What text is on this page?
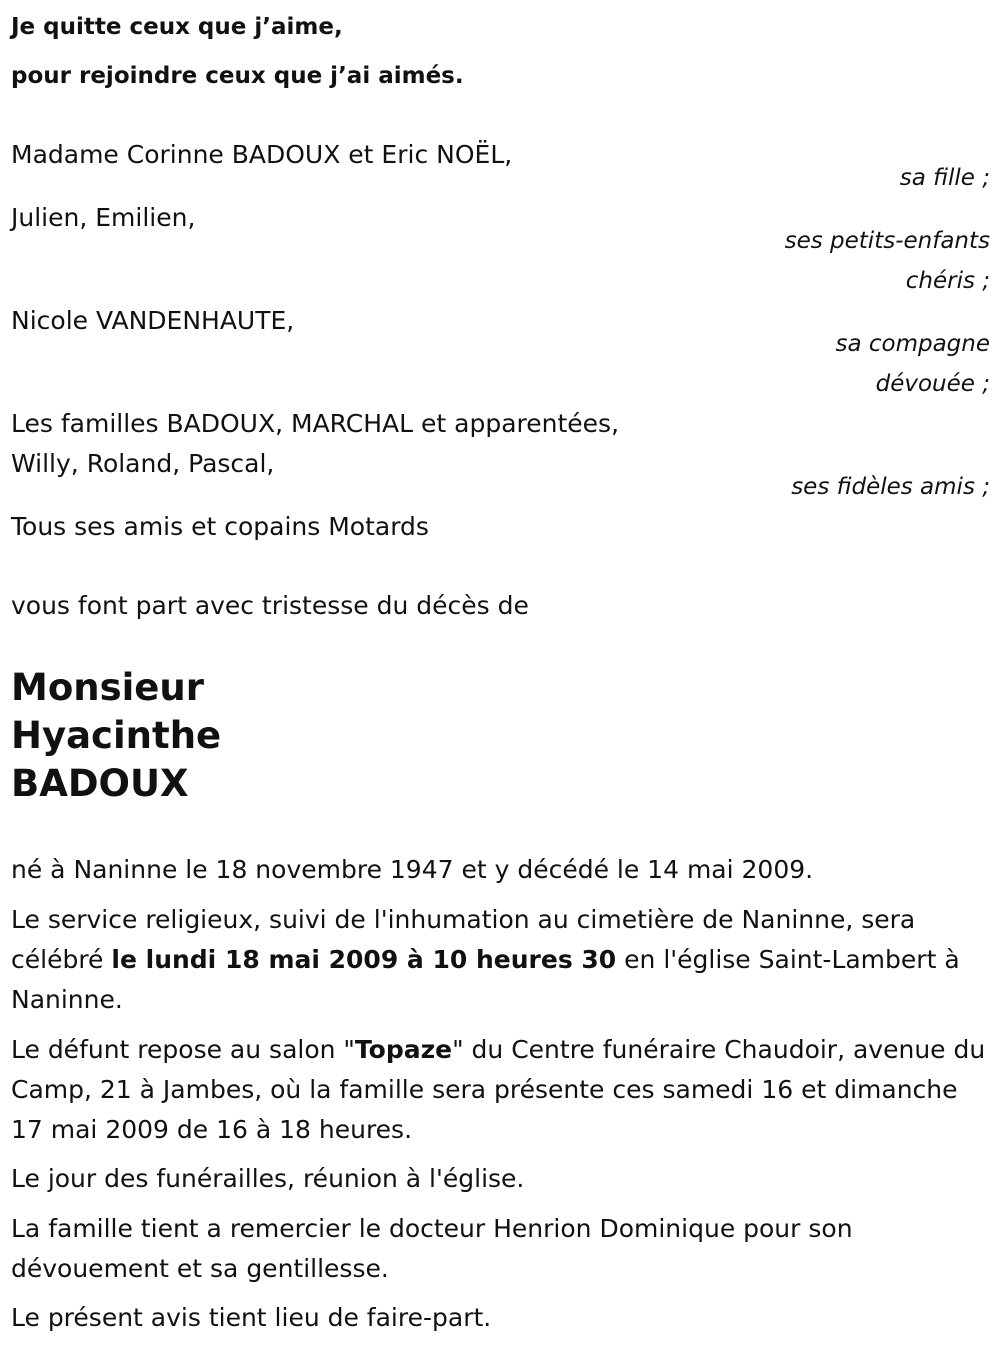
Je quitte ceux que j’aime,
pour rejoindre ceux que j’ai aimés.
Madame Corinne BADOUX et Eric NOËL,
sa fille ;
Julien, Emilien,
ses petits-enfants
chéris ;
Nicole VANDENHAUTE,
sa compagne
dévouée ;
Les familles BADOUX, MARCHAL et apparentées,
Willy, Roland, Pascal,
ses fidèles amis ;
Tous ses amis et copains Motards
vous font part avec tristesse du décès de
Monsieur
Hyacinthe
BADOUX
né à Naninne le 18 novembre 1947 et y décédé le 14 mai 2009.
Le service religieux, suivi de l'inhumation au cimetière de Naninne, sera célébré le lundi 18 mai 2009 à 10 heures 30 en l'église Saint-Lambert à Naninne.
Le défunt repose au salon "Topaze" du Centre funéraire Chaudoir, avenue du Camp, 21 à Jambes, où la famille sera présente ces samedi 16 et dimanche 17 mai 2009 de 16 à 18 heures.
Le jour des funérailles, réunion à l'église.
La famille tient a remercier le docteur Henrion Dominique pour son dévouement et sa gentillesse.
Le présent avis tient lieu de faire-part.
